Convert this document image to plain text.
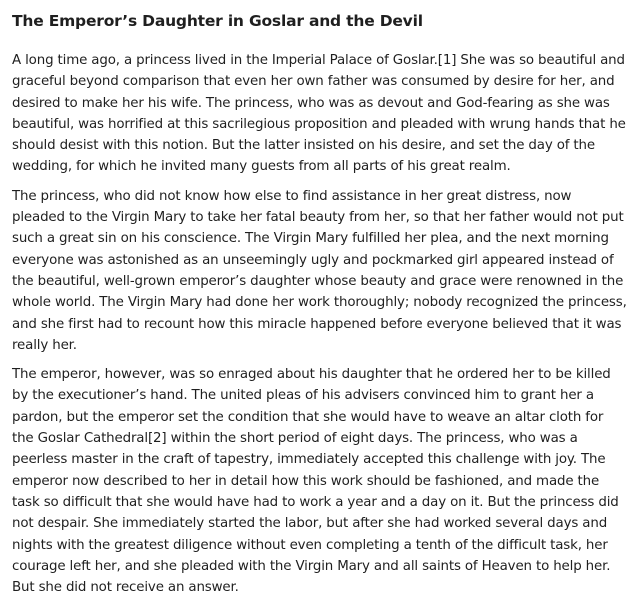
The Emperor’s Daughter in Goslar and the Devil

A long time ago, a princess lived in the Imperial Palace of Goslar.[1] She was so beautiful and graceful beyond comparison that even her own father was consumed by desire for her, and desired to make her his wife. The princess, who was as devout and God-fearing as she was beautiful, was horrified at this sacrilegious proposition and pleaded with wrung hands that he should desist with this notion. But the latter insisted on his desire, and set the day of the wedding, for which he invited many guests from all parts of his great realm.

The princess, who did not know how else to find assistance in her great distress, now pleaded to the Virgin Mary to take her fatal beauty from her, so that her father would not put such a great sin on his conscience. The Virgin Mary fulfilled her plea, and the next morning everyone was astonished as an unseemingly ugly and pockmarked girl appeared instead of the beautiful, well-grown emperor’s daughter whose beauty and grace were renowned in the whole world. The Virgin Mary had done her work thoroughly; nobody recognized the princess, and she first had to recount how this miracle happened before everyone believed that it was really her.

The emperor, however, was so enraged about his daughter that he ordered her to be killed by the executioner’s hand. The united pleas of his advisers convinced him to grant her a pardon, but the emperor set the condition that she would have to weave an altar cloth for the Goslar Cathedral[2] within the short period of eight days. The princess, who was a peerless master in the craft of tapestry, immediately accepted this challenge with joy. The emperor now described to her in detail how this work should be fashioned, and made the task so difficult that she would have had to work a year and a day on it. But the princess did not despair. She immediately started the labor, but after she had worked several days and nights with the greatest diligence without even completing a tenth of the difficult task, her courage left her, and she pleaded with the Virgin Mary and all saints of Heaven to help her. But she did not receive an answer.
